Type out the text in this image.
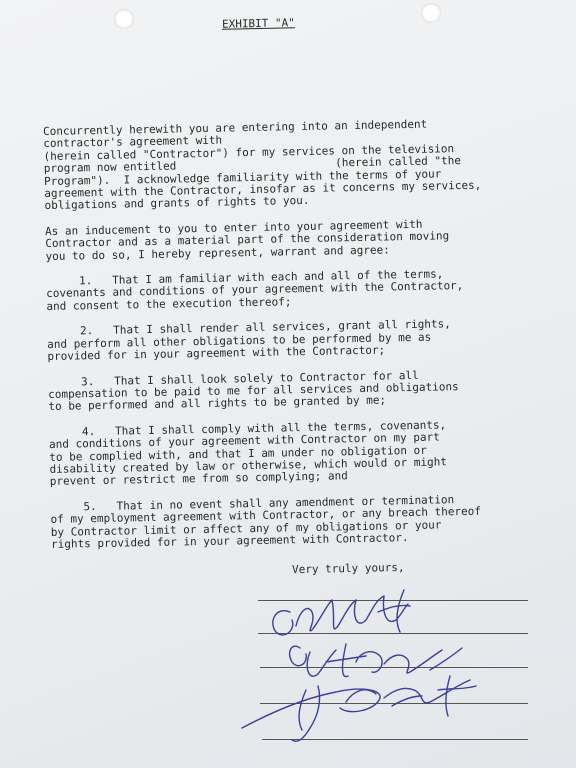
EXHIBIT "A"

Concurrently herewith you are entering into an independent
contractor's agreement with
(herein called "Contractor") for my services on the television
program now entitled                        (herein called "the
Program").  I acknowledge familiarity with the terms of your
agreement with the Contractor, insofar as it concerns my services,
obligations and grants of rights to you.

As an inducement to you to enter into your agreement with
Contractor and as a material part of the consideration moving
you to do so, I hereby represent, warrant and agree:

1.   That I am familiar with each and all of the terms,
covenants and conditions of your agreement with the Contractor,
and consent to the execution thereof;

2.   That I shall render all services, grant all rights,
and perform all other obligations to be performed by me as
provided for in your agreement with the Contractor;

3.   That I shall look solely to Contractor for all
compensation to be paid to me for all services and obligations
to be performed and all rights to be granted by me;

4.   That I shall comply with all the terms, covenants,
and conditions of your agreement with Contractor on my part
to be complied with, and that I am under no obligation or
disability created by law or otherwise, which would or might
prevent or restrict me from so complying; and

5.   That in no event shall any amendment or termination
of my employment agreement with Contractor, or any breach thereof
by Contractor limit or affect any of my obligations or your
rights provided for in your agreement with Contractor.

Very truly yours,
